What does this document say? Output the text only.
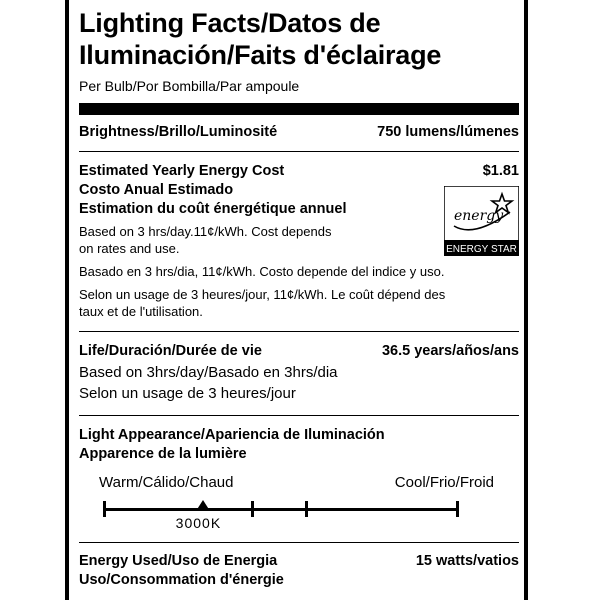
Lighting Facts/Datos de
Iluminación/Faits d'éclairage

Per Bulb/Por Bombilla/Par ampoule

Brightness/Brillo/Luminosité	750 lumens/lúmenes

Estimated Yearly Energy Cost	$1.81

Costo Anual Estimado

Estimation du coût énergétique annuel

Based on 3 hrs/day.11¢/kWh. Cost depends

on rates and use.

Basado en 3 hrs/dia, 11¢/kWh. Costo depende del indice y uso.

Selon un usage de 3 heures/jour, 11¢/kWh. Le coût dépend des

taux et de l'utilisation.

energy
ENERGY STAR

Life/Duración/Durée de vie	36.5 years/años/ans

Based on 3hrs/day/Basado en 3hrs/dia

Selon un usage de 3 heures/jour

Light Appearance/Apariencia de Iluminación

Apparence de la lumière

Warm/Cálido/Chaud	Cool/Frio/Froid

3000K

Energy Used/Uso de Energia	15 watts/vatios

Uso/Consommation d'énergie
